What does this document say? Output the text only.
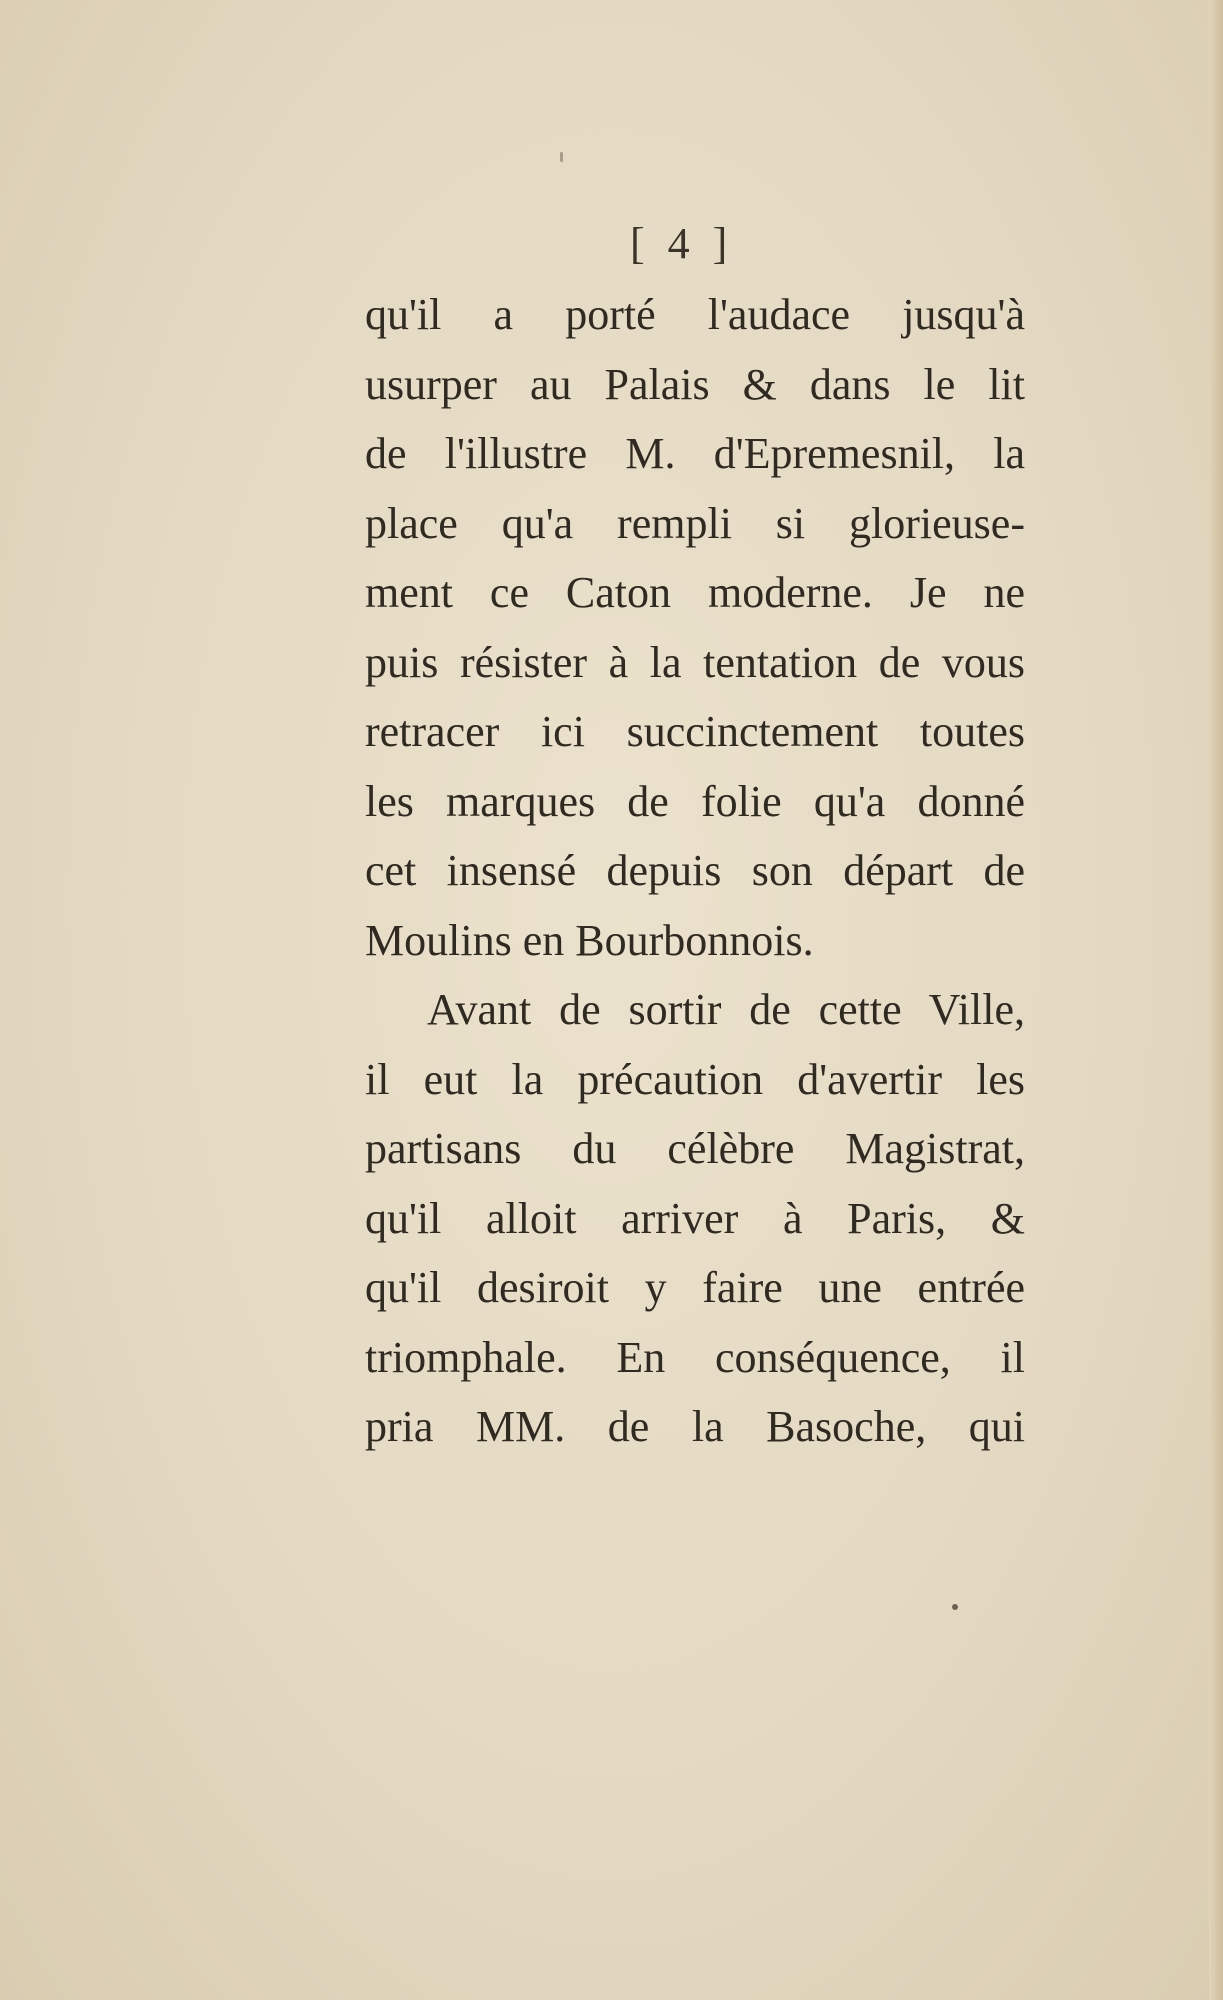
[ 4 ]
qu'il a porté l'audace jusqu'à
usurper au Palais & dans le lit
de l'illustre M. d'Epremesnil, la
place qu'a rempli si glorieuse-
ment ce Caton moderne. Je ne
puis résister à la tentation de vous
retracer ici succinctement toutes
les marques de folie qu'a donné
cet insensé depuis son départ de
Moulins en Bourbonnois.
Avant de sortir de cette Ville,
il eut la précaution d'avertir les
partisans du célèbre Magistrat,
qu'il alloit arriver à Paris, &
qu'il desiroit y faire une entrée
triomphale. En conséquence, il
pria MM. de la Basoche, qui
